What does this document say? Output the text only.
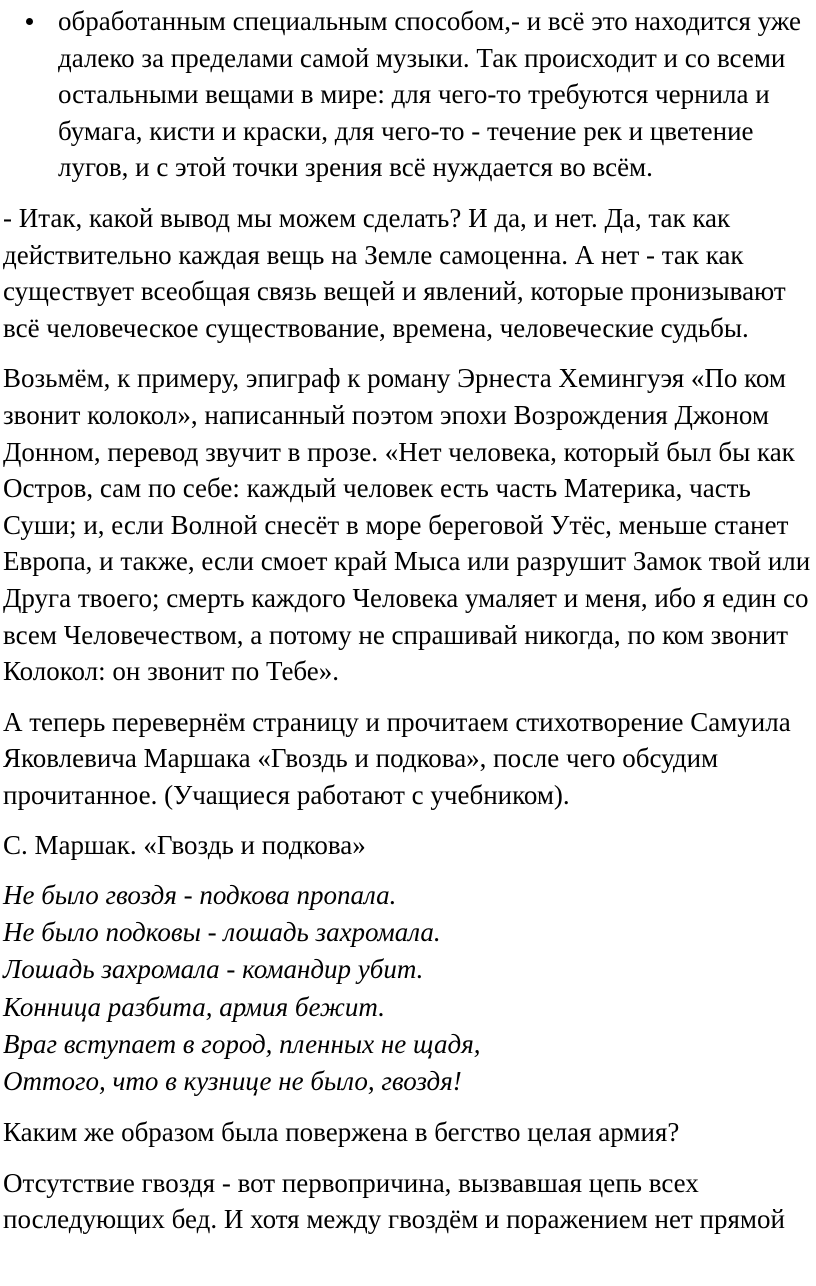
обработанным специальным способом,- и всё это находится уже далеко за пределами самой музыки. Так происходит и со всеми остальными вещами в мире: для чего-то требуются чернила и бумага, кисти и краски, для чего-то - течение рек и цветение лугов, и с этой точки зрения всё нуждается во всём.

- Итак, какой вывод мы можем сделать? И да, и нет. Да, так как действительно каждая вещь на Земле самоценна. А нет - так как существует всеобщая связь вещей и явлений, которые пронизывают всё человеческое существование, времена, человеческие судьбы.

Возьмём, к примеру, эпиграф к роману Эрнеста Хемингуэя «По ком звонит колокол», написанный поэтом эпохи Возрождения Джоном Донном, перевод звучит в прозе. «Нет человека, который был бы как Остров, сам по себе: каждый человек есть часть Материка, часть Суши; и, если Волной снесёт в море береговой Утёс, меньше станет Европа, и также, если смоет край Мыса или разрушит Замок твой или Друга твоего; смерть каждого Человека умаляет и меня, ибо я един со всем Человечеством, а потому не спрашивай никогда, по ком звонит Колокол: он звонит по Тебе».

А теперь перевернём страницу и прочитаем стихотворение Самуила Яковлевича Маршака «Гвоздь и подкова», после чего обсудим прочитанное. (Учащиеся работают с учебником).

С. Маршак. «Гвоздь и подкова»

Не было гвоздя - подкова пропала.
Не было подковы - лошадь захромала.
Лошадь захромала - командир убит.
Конница разбита, армия бежит.
Враг вступает в город, пленных не щадя,
Оттого, что в кузнице не было, гвоздя!

Каким же образом была повержена в бегство целая армия?

Отсутствие гвоздя - вот первопричина, вызвавшая цепь всех последующих бед. И хотя между гвоздём и поражением нет прямой
